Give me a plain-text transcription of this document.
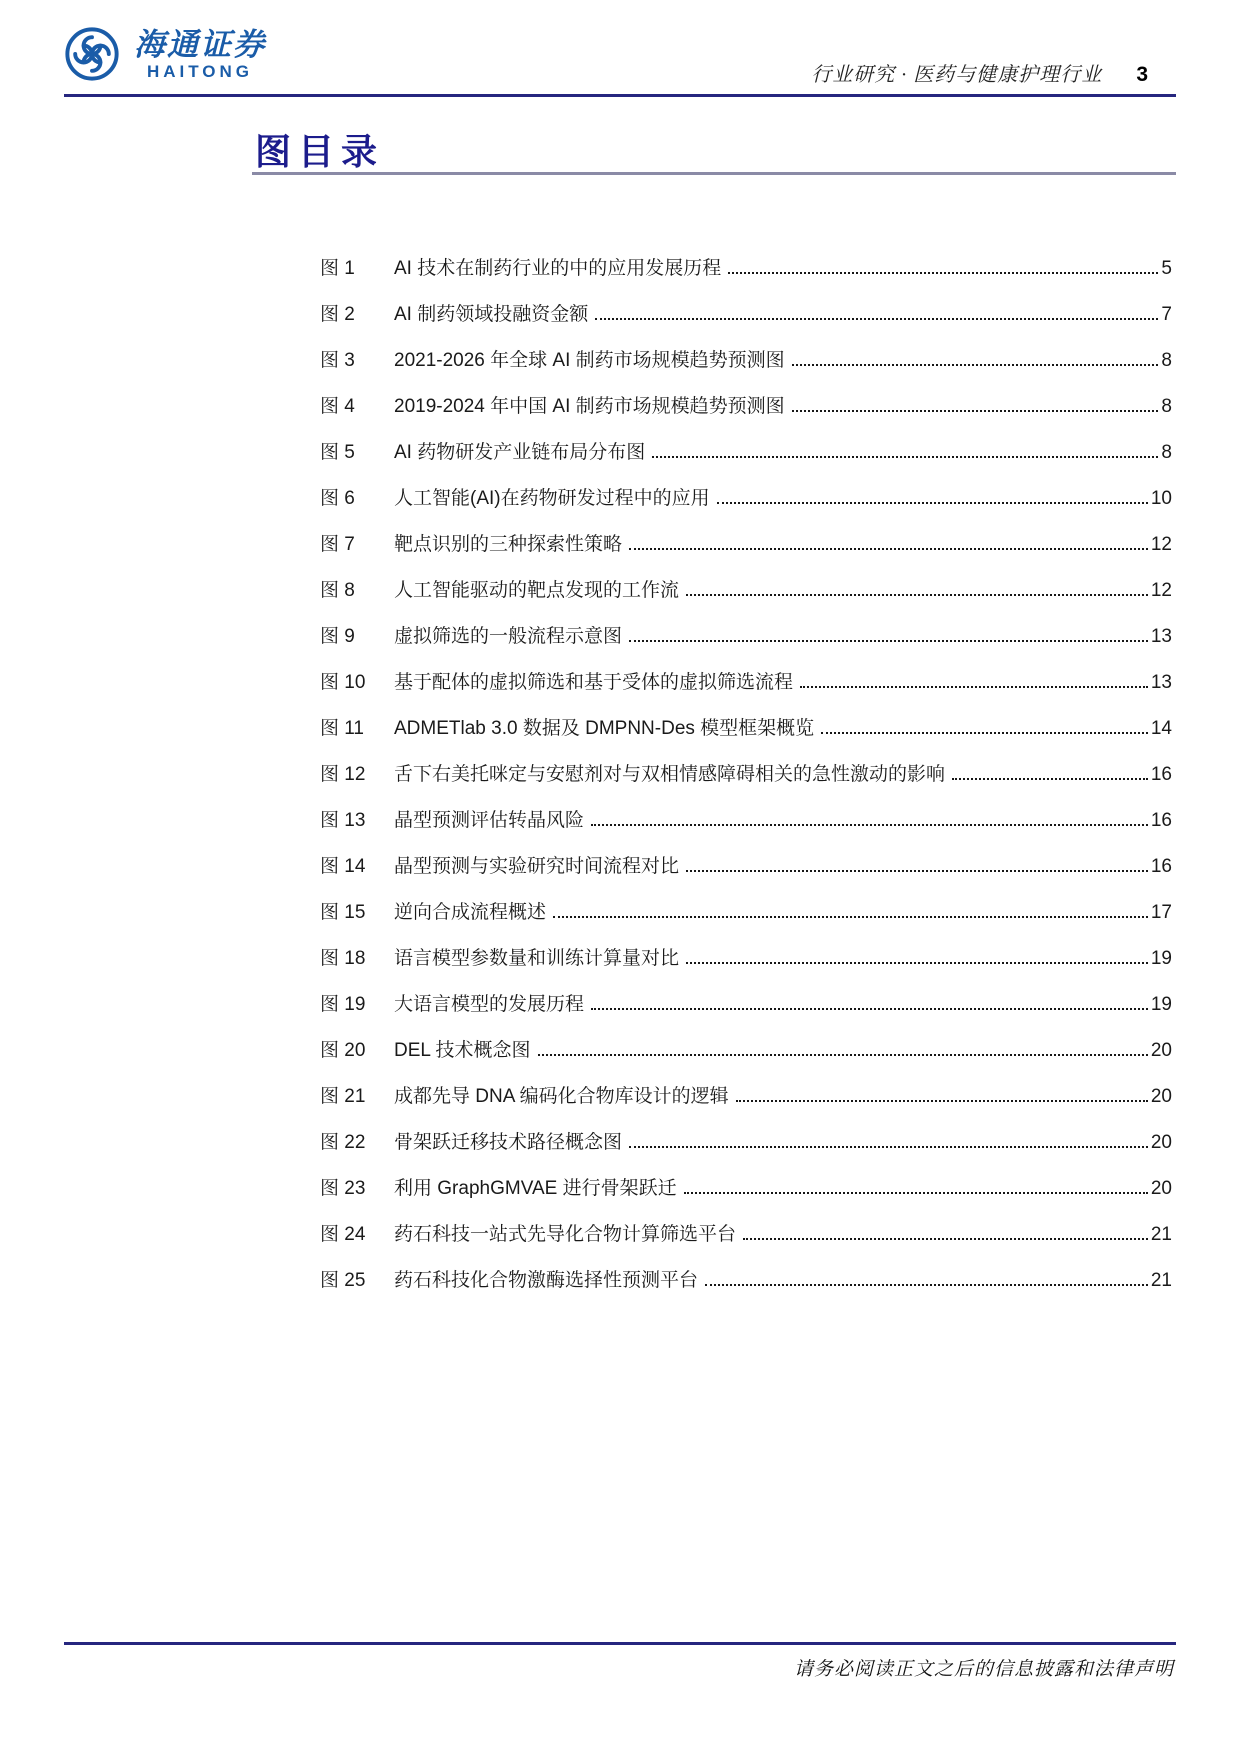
海通证券
HAITONG	行业研究 · 医药与健康护理行业 3
图目录
图 1	AI 技术在制药行业的中的应用发展历程	5
图 2	AI 制药领域投融资金额	7
图 3	2021-2026 年全球 AI 制药市场规模趋势预测图	8
图 4	2019-2024 年中国 AI 制药市场规模趋势预测图	8
图 5	AI 药物研发产业链布局分布图	8
图 6	人工智能(AI)在药物研发过程中的应用	10
图 7	靶点识别的三种探索性策略	12
图 8	人工智能驱动的靶点发现的工作流	12
图 9	虚拟筛选的一般流程示意图	13
图 10	基于配体的虚拟筛选和基于受体的虚拟筛选流程	13
图 11	ADMETlab 3.0 数据及 DMPNN-Des 模型框架概览	14
图 12	舌下右美托咪定与安慰剂对与双相情感障碍相关的急性激动的影响	16
图 13	晶型预测评估转晶风险	16
图 14	晶型预测与实验研究时间流程对比	16
图 15	逆向合成流程概述	17
图 18	语言模型参数量和训练计算量对比	19
图 19	大语言模型的发展历程	19
图 20	DEL 技术概念图	20
图 21	成都先导 DNA 编码化合物库设计的逻辑	20
图 22	骨架跃迁移技术路径概念图	20
图 23	利用 GraphGMVAE 进行骨架跃迁	20
图 24	药石科技一站式先导化合物计算筛选平台	21
图 25	药石科技化合物激酶选择性预测平台	21
请务必阅读正文之后的信息披露和法律声明
